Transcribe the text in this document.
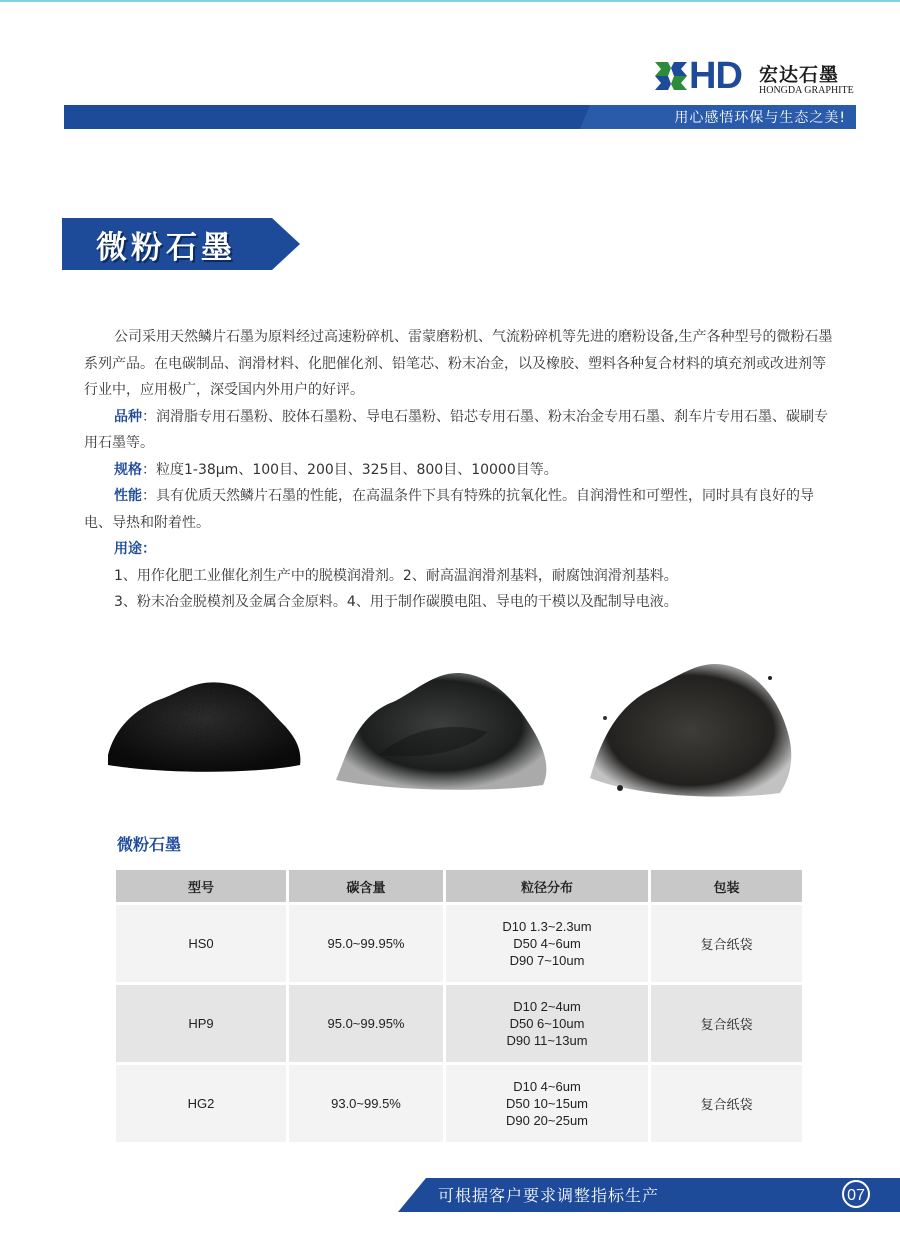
HD 宏达石墨
HONGDA GRAPHITE
用心感悟环保与生态之美!
微粉石墨

公司采用天然鳞片石墨为原料经过高速粉碎机、雷蒙磨粉机、气流粉碎机等先进的磨粉设备,生产各种型号的微粉石墨系列产品。在电碳制品、润滑材料、化肥催化剂、铅笔芯、粉末冶金，以及橡胶、塑料各种复合材料的填充剂或改进剂等行业中，应用极广，深受国内外用户的好评。

品种：润滑脂专用石墨粉、胶体石墨粉、导电石墨粉、铅芯专用石墨、粉末冶金专用石墨、刹车片专用石墨、碳刷专用石墨等。

规格：粒度1-38μm、100目、200目、325目、800目、10000目等。

性能：具有优质天然鳞片石墨的性能，在高温条件下具有特殊的抗氧化性。自润滑性和可塑性，同时具有良好的导电、导热和附着性。

用途：

1、用作化肥工业催化剂生产中的脱模润滑剂。2、耐高温润滑剂基料，耐腐蚀润滑剂基料。

3、粉末冶金脱模剂及金属合金原料。4、用于制作碳膜电阻、导电的干模以及配制导电液。

微粉石墨
型号	碳含量	粒径分布	包装
HS0	95.0~99.95%	D10 1.3~2.3um
D50 4~6um
D90 7~10um	复合纸袋
HP9	95.0~99.95%	D10 2~4um
D50 6~10um
D90 11~13um	复合纸袋
HG2	93.0~99.5%	D10 4~6um
D50 10~15um
D90 20~25um	复合纸袋
可根据客户要求调整指标生产	07
